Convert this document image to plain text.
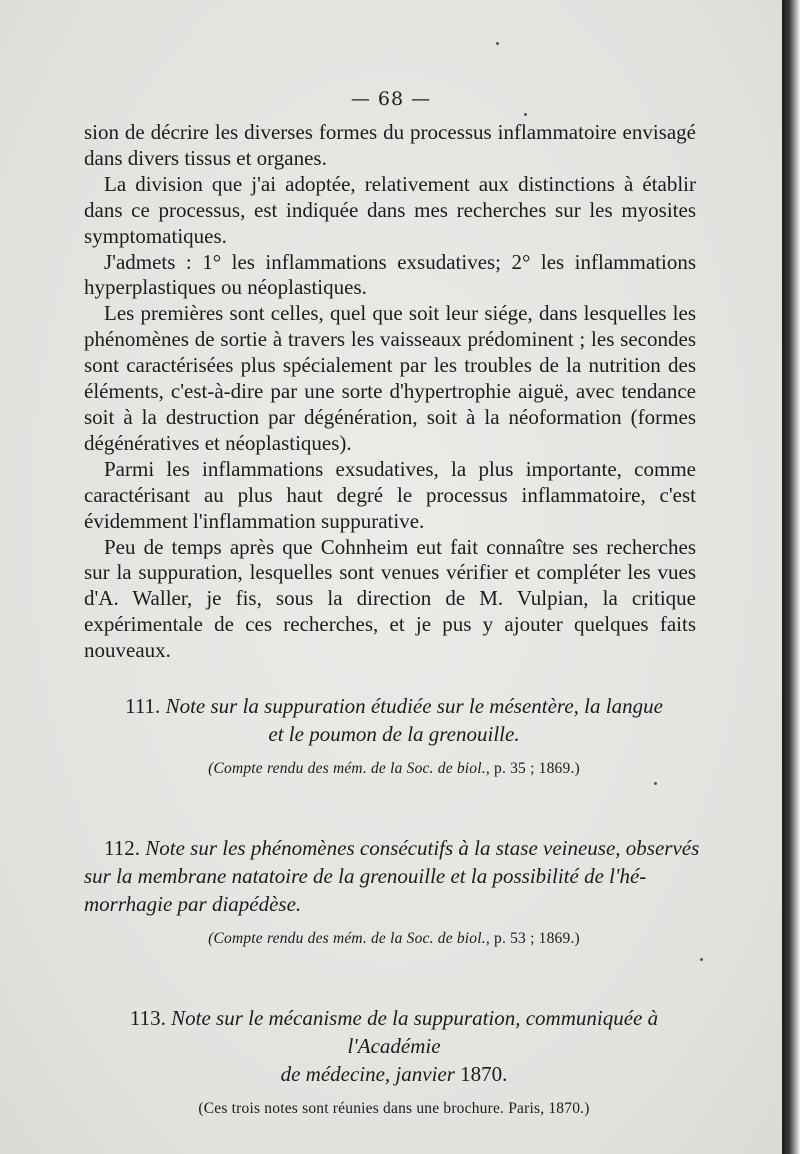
— 68 —

sion de décrire les diverses formes du processus inflammatoire envisagé dans divers tissus et organes.

La division que j'ai adoptée, relativement aux distinctions à établir dans ce processus, est indiquée dans mes recherches sur les myosites symptomatiques.

J'admets : 1° les inflammations exsudatives; 2° les inflammations hyperplastiques ou néoplastiques.

Les premières sont celles, quel que soit leur siége, dans lesquelles les phénomènes de sortie à travers les vaisseaux prédominent ; les secondes sont caractérisées plus spécialement par les troubles de la nutrition des éléments, c'est-à-dire par une sorte d'hypertrophie aiguë, avec tendance soit à la destruction par dégénération, soit à la néoformation (formes dégénératives et néoplastiques).

Parmi les inflammations exsudatives, la plus importante, comme caractérisant au plus haut degré le processus inflammatoire, c'est évidemment l'inflammation suppurative.

Peu de temps après que Cohnheim eut fait connaître ses recherches sur la suppuration, lesquelles sont venues vérifier et compléter les vues d'A. Waller, je fis, sous la direction de M. Vulpian, la critique expérimentale de ces recherches, et je pus y ajouter quelques faits nouveaux.

111. Note sur la suppuration étudiée sur le mésentère, la langue
et le poumon de la grenouille.
(Compte rendu des mém. de la Soc. de biol., p. 35 ; 1869.)
112. Note sur les phénomènes consécutifs à la stase veineuse, observés
sur la membrane natatoire de la grenouille et la possibilité de l'hé-
morrhagie par diapédèse.
(Compte rendu des mém. de la Soc. de biol., p. 53 ; 1869.)
113. Note sur le mécanisme de la suppuration, communiquée à l'Académie
de médecine, janvier 1870.
(Ces trois notes sont réunies dans une brochure. Paris, 1870.)
